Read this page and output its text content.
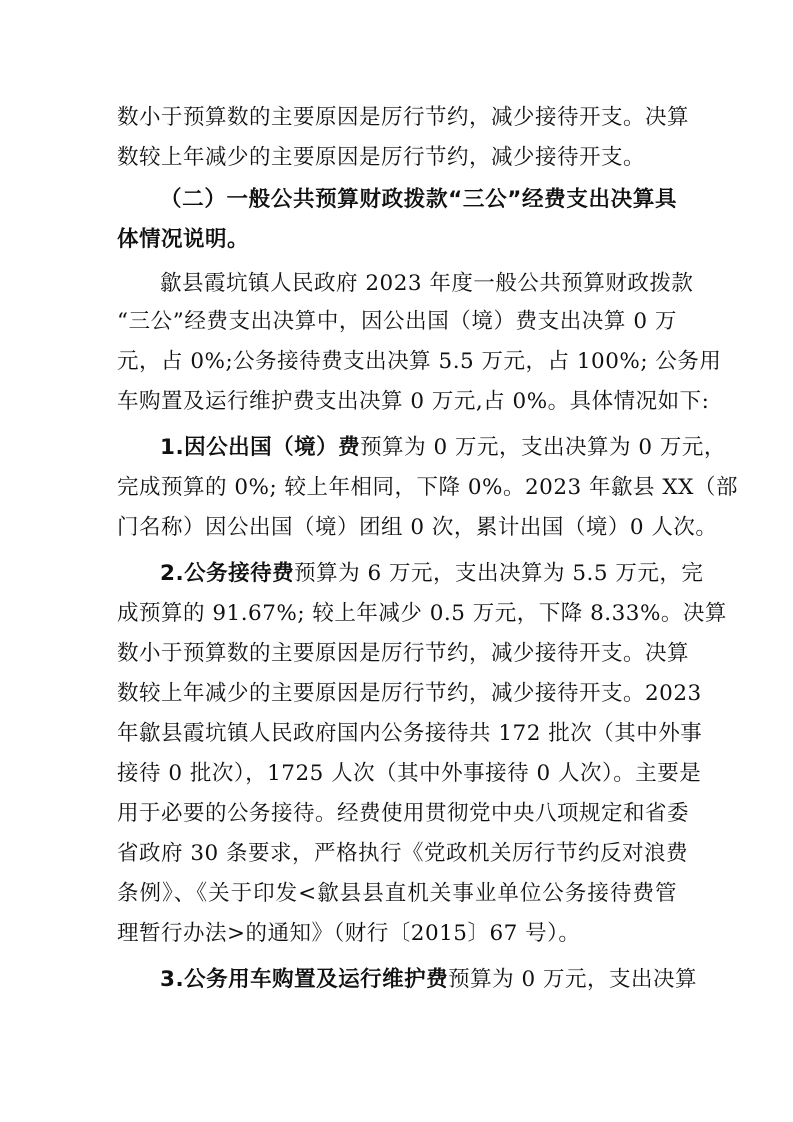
数小于预算数的主要原因是厉行节约，减少接待开支。决算
数较上年减少的主要原因是厉行节约，减少接待开支。
（二）一般公共预算财政拨款“三公”经费支出决算具
体情况说明。
歙县霞坑镇人民政府 2023 年度一般公共预算财政拨款
“三公”经费支出决算中，因公出国（境）费支出决算 0 万
元，占 0%;公务接待费支出决算 5.5 万元，占 100%; 公务用
车购置及运行维护费支出决算 0 万元,占 0%。具体情况如下:
1.因公出国（境）费预算为 0 万元，支出决算为 0 万元，
完成预算的 0%; 较上年相同，下降 0%。2023 年歙县 XX（部
门名称）因公出国（境）团组 0 次，累计出国（境）0 人次。
2.公务接待费预算为 6 万元，支出决算为 5.5 万元，完
成预算的 91.67%; 较上年减少 0.5 万元，下降 8.33%。决算
数小于预算数的主要原因是厉行节约，减少接待开支。决算
数较上年减少的主要原因是厉行节约，减少接待开支。2023
年歙县霞坑镇人民政府国内公务接待共 172 批次（其中外事
接待 0 批次），1725 人次（其中外事接待 0 人次）。主要是
用于必要的公务接待。经费使用贯彻党中央八项规定和省委
省政府 30 条要求，严格执行《党政机关厉行节约反对浪费
条例》、《关于印发<歙县县直机关事业单位公务接待费管
理暂行办法>的通知》（财行〔2015〕67 号）。
3.公务用车购置及运行维护费预算为 0 万元，支出决算
